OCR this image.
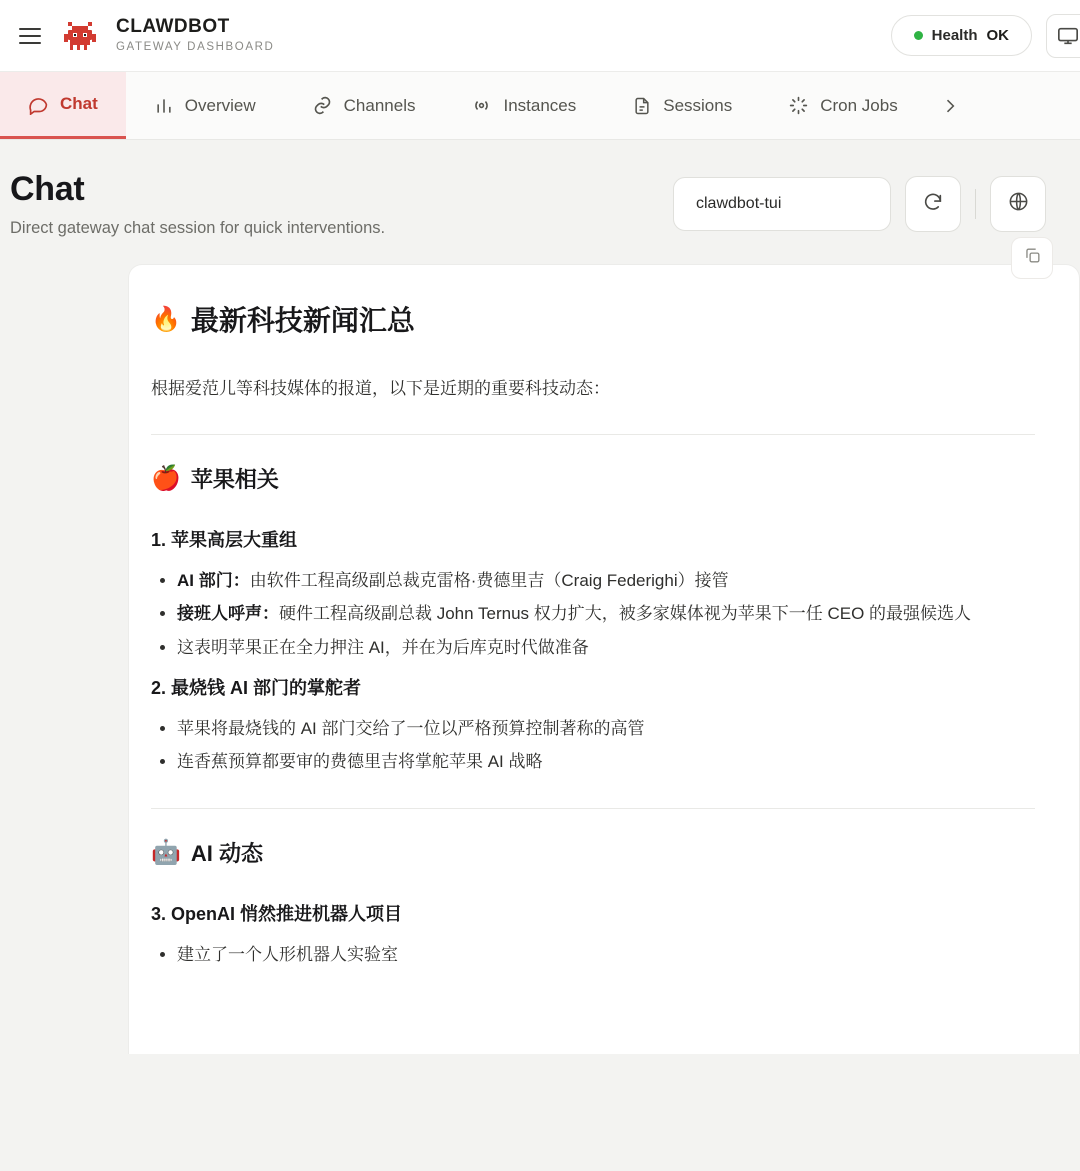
CLAWDBOT
GATEWAY DASHBOARD
Health OK
Chat	Overview	Channels	Instances	Sessions	Cron Jobs
Chat
Direct gateway chat session for quick interventions.
clawdbot-tui
🔥 最新科技新闻汇总

根据爱范儿等科技媒体的报道，以下是近期的重要科技动态：

🍎 苹果相关
1. 苹果高层大重组
• AI 部门：由软件工程高级副总裁克雷格·费德里吉（Craig Federighi）接管
• 接班人呼声：硬件工程高级副总裁 John Ternus 权力扩大，被多家媒体视为苹果下一任 CEO 的最强候选人
• 这表明苹果正在全力押注 AI，并在为后库克时代做准备
2. 最烧钱 AI 部门的掌舵者
• 苹果将最烧钱的 AI 部门交给了一位以严格预算控制著称的高管
• 连香蕉预算都要审的费德里吉将掌舵苹果 AI 战略
🤖 AI 动态
3. OpenAI 悄然推进机器人项目
• 建立了一个人形机器人实验室
